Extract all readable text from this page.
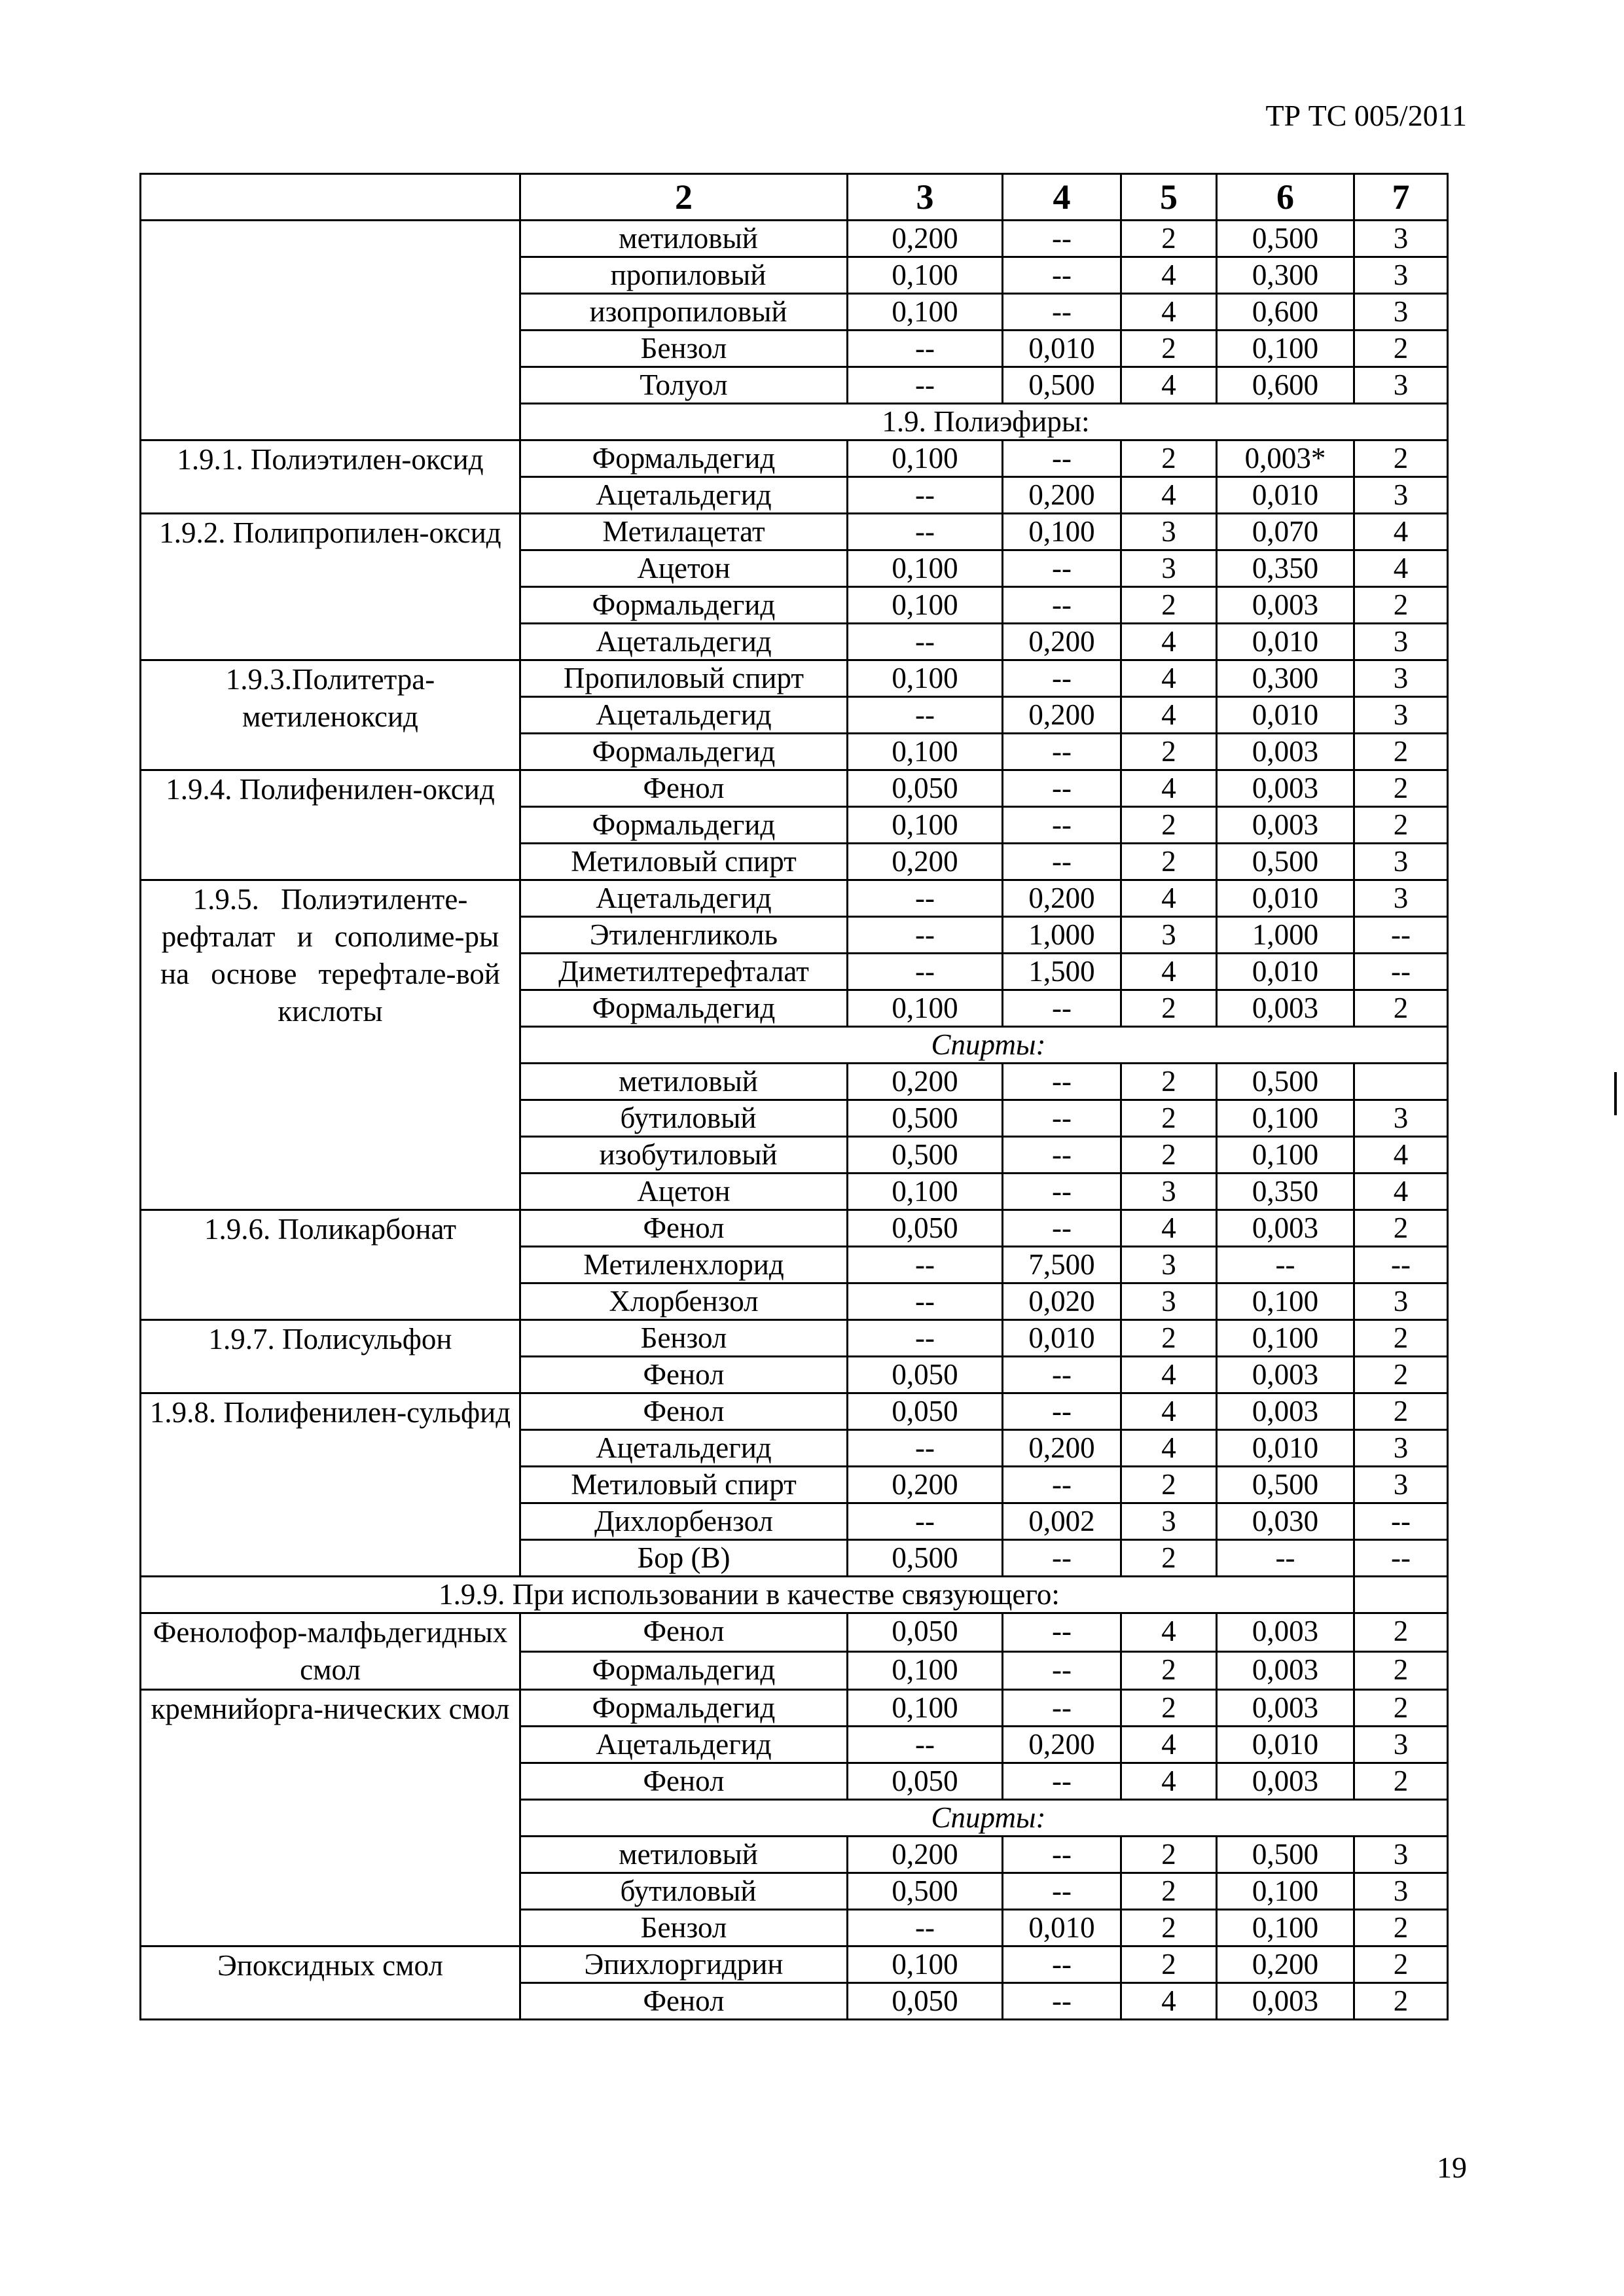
ТР ТС 005/2011
	2	3	4	5	6	7
	метиловый	0,200	--	2	0,500	3
	пропиловый	0,100	--	4	0,300	3
	изопропиловый	0,100	--	4	0,600	3
	Бензол	--	0,010	2	0,100	2
	Толуол	--	0,500	4	0,600	3
	1.9. Полиэфиры:					
1.9.1. Полиэтилен-оксид	Формальдегид	0,100	--	2	0,003*	2
	Ацетальдегид	--	0,200	4	0,010	3
1.9.2. Полипропилен-оксид	Метилацетат	--	0,100	3	0,070	4
	Ацетон	0,100	--	3	0,350	4
	Формальдегид	0,100	--	2	0,003	2
	Ацетальдегид	--	0,200	4	0,010	3
1.9.3.Политетра-метиленоксид	Пропиловый спирт	0,100	--	4	0,300	3
	Ацетальдегид	--	0,200	4	0,010	3
	Формальдегид	0,100	--	2	0,003	2
1.9.4. Полифенилен-оксид	Фенол	0,050	--	4	0,003	2
	Формальдегид	0,100	--	2	0,003	2
	Метиловый спирт	0,200	--	2	0,500	3
1.9.5. Полиэтиленте-рефталат и сополиме-ры на основе терефтале-вой кислоты	Ацетальдегид	--	0,200	4	0,010	3
	Этиленгликоль	--	1,000	3	1,000	--
	Диметилтерефталат	--	1,500	4	0,010	--
	Формальдегид	0,100	--	2	0,003	2
	Спирты:					
	метиловый	0,200	--	2	0,500	
	бутиловый	0,500	--	2	0,100	3
	изобутиловый	0,500	--	2	0,100	4
	Ацетон	0,100	--	3	0,350	4
1.9.6. Поликарбонат	Фенол	0,050	--	4	0,003	2
	Метиленхлорид	--	7,500	3	--	--
	Хлорбензол	--	0,020	3	0,100	3
1.9.7. Полисульфон	Бензол	--	0,010	2	0,100	2
	Фенол	0,050	--	4	0,003	2
1.9.8. Полифенилен-сульфид	Фенол	0,050	--	4	0,003	2
	Ацетальдегид	--	0,200	4	0,010	3
	Метиловый спирт	0,200	--	2	0,500	3
	Дихлорбензол	--	0,002	3	0,030	--
	Бор (В)	0,500	--	2	--	--
1.9.9. При использовании в качестве связующего:						
Фенолофор-малфьдегидных смол	Фенол	0,050	--	4	0,003	2
	Формальдегид	0,100	--	2	0,003	2
кремнийорга-нических смол	Формальдегид	0,100	--	2	0,003	2
	Ацетальдегид	--	0,200	4	0,010	3
	Фенол	0,050	--	4	0,003	2
	Спирты:					
	метиловый	0,200	--	2	0,500	3
	бутиловый	0,500	--	2	0,100	3
	Бензол	--	0,010	2	0,100	2
Эпоксидных смол	Эпихлоргидрин	0,100	--	2	0,200	2
	Фенол	0,050	--	4	0,003	2
19
